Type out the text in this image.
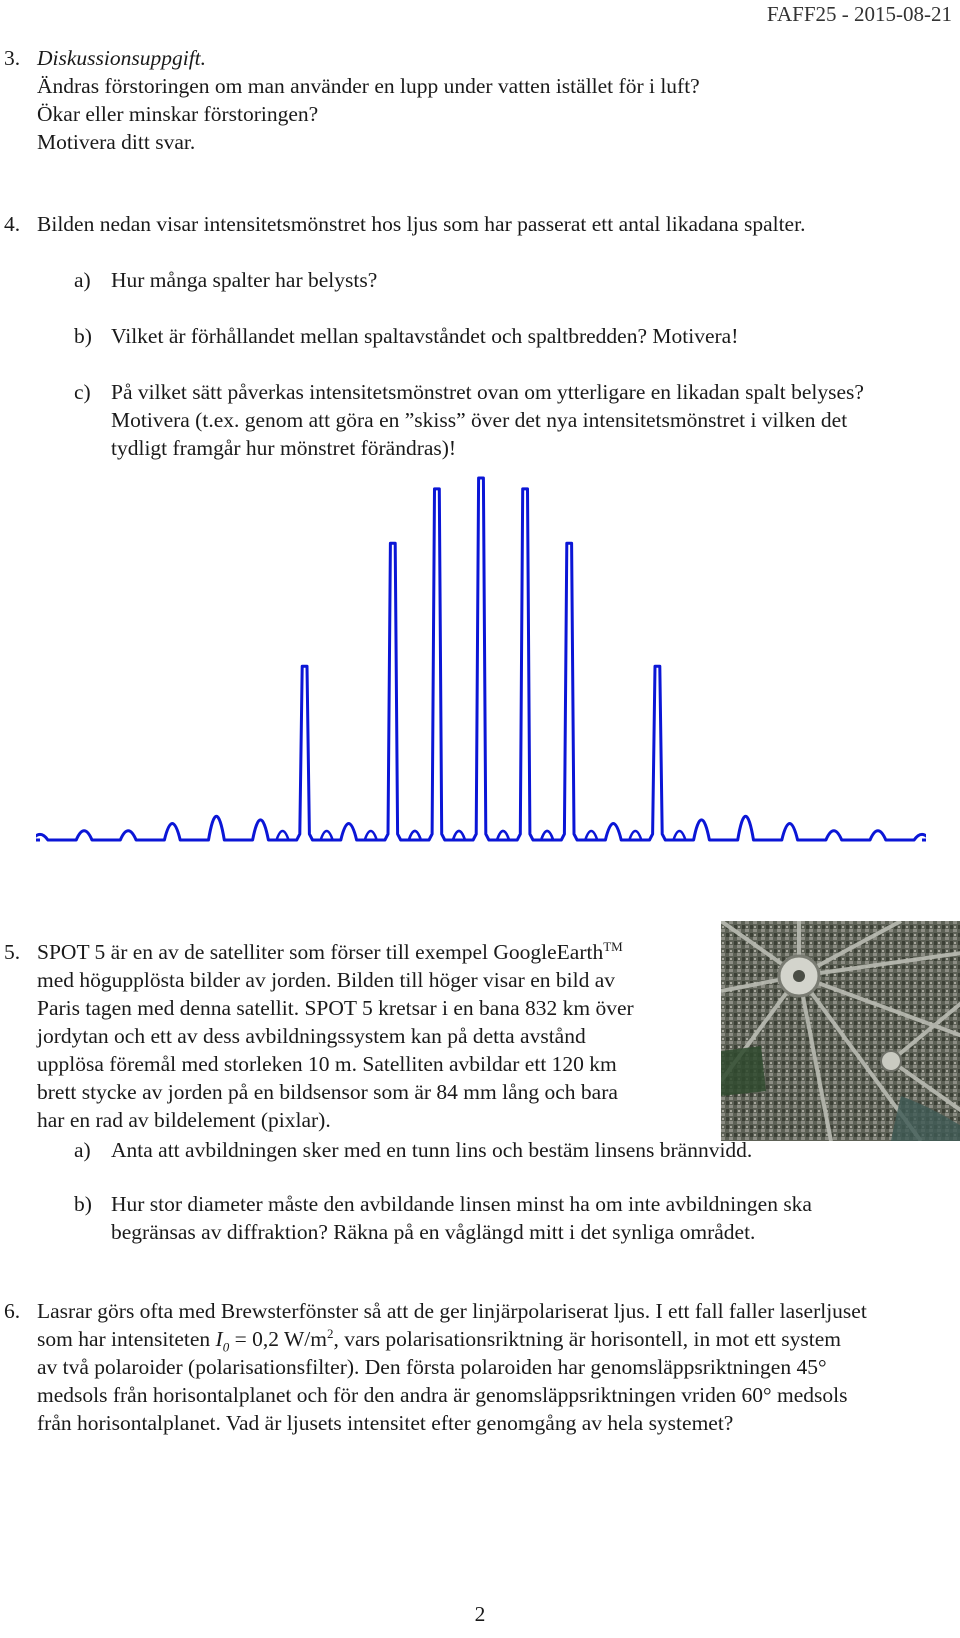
FAFF25 - 2015-08-21
3. Diskussionsuppgift.
Ändras förstoringen om man använder en lupp under vatten istället för i luft?
Ökar eller minskar förstoringen?
Motivera ditt svar.
4. Bilden nedan visar intensitetsmönstret hos ljus som har passerat ett antal likadana spalter.
a) Hur många spalter har belysts?
b) Vilket är förhållandet mellan spaltavståndet och spaltbredden? Motivera!
c) På vilket sätt påverkas intensitetsmönstret ovan om ytterligare en likadan spalt belyses?
Motivera (t.ex. genom att göra en ”skiss” över det nya intensitetsmönstret i vilken det
tydligt framgår hur mönstret förändras)!
5. SPOT 5 är en av de satelliter som förser till exempel GoogleEarth™
med högupplösta bilder av jorden. Bilden till höger visar en bild av
Paris tagen med denna satellit. SPOT 5 kretsar i en bana 832 km över
jordytan och ett av dess avbildningssystem kan på detta avstånd
upplösa föremål med storleken 10 m. Satelliten avbildar ett 120 km
brett stycke av jorden på en bildsensor som är 84 mm lång och bara
har en rad av bildelement (pixlar).
a) Anta att avbildningen sker med en tunn lins och bestäm linsens brännvidd.
b) Hur stor diameter måste den avbildande linsen minst ha om inte avbildningen ska
begränsas av diffraktion? Räkna på en våglängd mitt i det synliga området.
6. Lasrar görs ofta med Brewsterfönster så att de ger linjärpolariserat ljus. I ett fall faller laserljuset
som har intensiteten $I_0 = 0,2$ $W/m^2$, vars polarisationsriktning är horisontell, in mot ett system
av två polaroider (polarisationsfilter). Den första polaroiden har genomsläppsriktningen 45°
medsols från horisontalplanet och för den andra är genomsläppsriktningen vriden 60° medsols
från horisontalplanet. Vad är ljusets intensitet efter genomgång av hela systemet?
2
